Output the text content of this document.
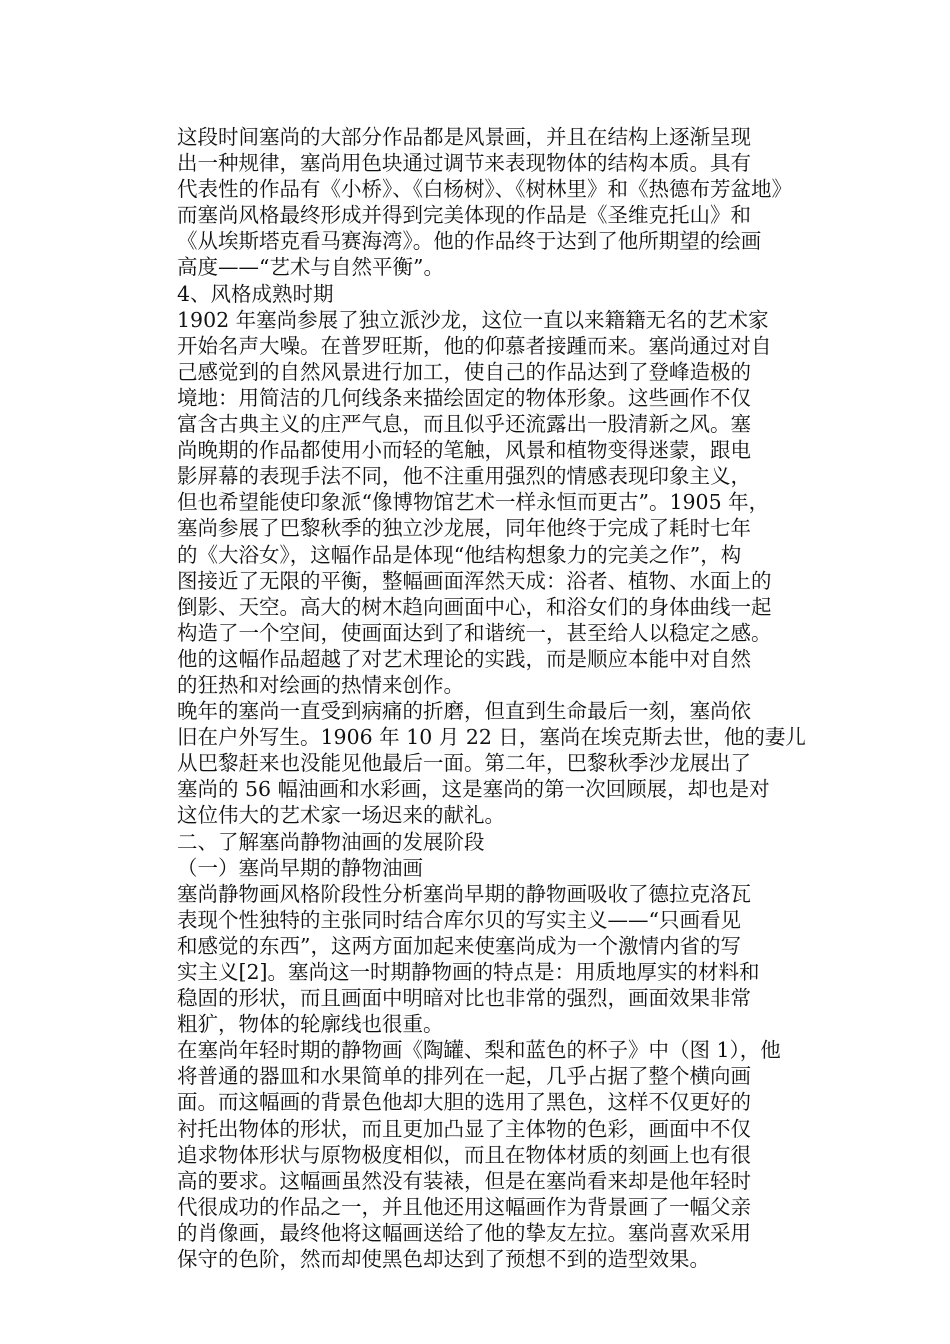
这段时间塞尚的大部分作品都是风景画，并且在结构上逐渐呈现
出一种规律，塞尚用色块通过调节来表现物体的结构本质。具有
代表性的作品有《小桥》、《白杨树》、《树林里》和《热德布芳盆地》
而塞尚风格最终形成并得到完美体现的作品是《圣维克托山》和
《从埃斯塔克看马赛海湾》。他的作品终于达到了他所期望的绘画
高度——“艺术与自然平衡”。
4、风格成熟时期
1902 年塞尚参展了独立派沙龙，这位一直以来籍籍无名的艺术家
开始名声大噪。在普罗旺斯，他的仰慕者接踵而来。塞尚通过对自
己感觉到的自然风景进行加工，使自己的作品达到了登峰造极的
境地：用简洁的几何线条来描绘固定的物体形象。这些画作不仅
富含古典主义的庄严气息，而且似乎还流露出一股清新之风。塞
尚晚期的作品都使用小而轻的笔触，风景和植物变得迷蒙，跟电
影屏幕的表现手法不同，他不注重用强烈的情感表现印象主义，
但也希望能使印象派“像博物馆艺术一样永恒而更古”。1905 年，
塞尚参展了巴黎秋季的独立沙龙展，同年他终于完成了耗时七年
的《大浴女》，这幅作品是体现“他结构想象力的完美之作”，构
图接近了无限的平衡，整幅画面浑然天成：浴者、植物、水面上的
倒影、天空。高大的树木趋向画面中心，和浴女们的身体曲线一起
构造了一个空间，使画面达到了和谐统一，甚至给人以稳定之感。
他的这幅作品超越了对艺术理论的实践，而是顺应本能中对自然
的狂热和对绘画的热情来创作。
晚年的塞尚一直受到病痛的折磨，但直到生命最后一刻，塞尚依
旧在户外写生。1906 年 10 月 22 日，塞尚在埃克斯去世，他的妻儿
从巴黎赶来也没能见他最后一面。第二年，巴黎秋季沙龙展出了
塞尚的 56 幅油画和水彩画，这是塞尚的第一次回顾展，却也是对
这位伟大的艺术家一场迟来的献礼。
二、了解塞尚静物油画的发展阶段
（一）塞尚早期的静物油画
塞尚静物画风格阶段性分析塞尚早期的静物画吸收了德拉克洛瓦
表现个性独特的主张同时结合库尔贝的写实主义——“只画看见
和感觉的东西”，这两方面加起来使塞尚成为一个激情内省的写
实主义[2]。塞尚这一时期静物画的特点是：用质地厚实的材料和
稳固的形状，而且画面中明暗对比也非常的强烈，画面效果非常
粗犷，物体的轮廓线也很重。
在塞尚年轻时期的静物画《陶罐、梨和蓝色的杯子》中（图 1），他
将普通的器皿和水果简单的排列在一起，几乎占据了整个横向画
面。而这幅画的背景色他却大胆的选用了黑色，这样不仅更好的
衬托出物体的形状，而且更加凸显了主体物的色彩，画面中不仅
追求物体形状与原物极度相似，而且在物体材质的刻画上也有很
高的要求。这幅画虽然没有装裱，但是在塞尚看来却是他年轻时
代很成功的作品之一，并且他还用这幅画作为背景画了一幅父亲
的肖像画，最终他将这幅画送给了他的挚友左拉。塞尚喜欢采用
保守的色阶，然而却使黑色却达到了预想不到的造型效果。
